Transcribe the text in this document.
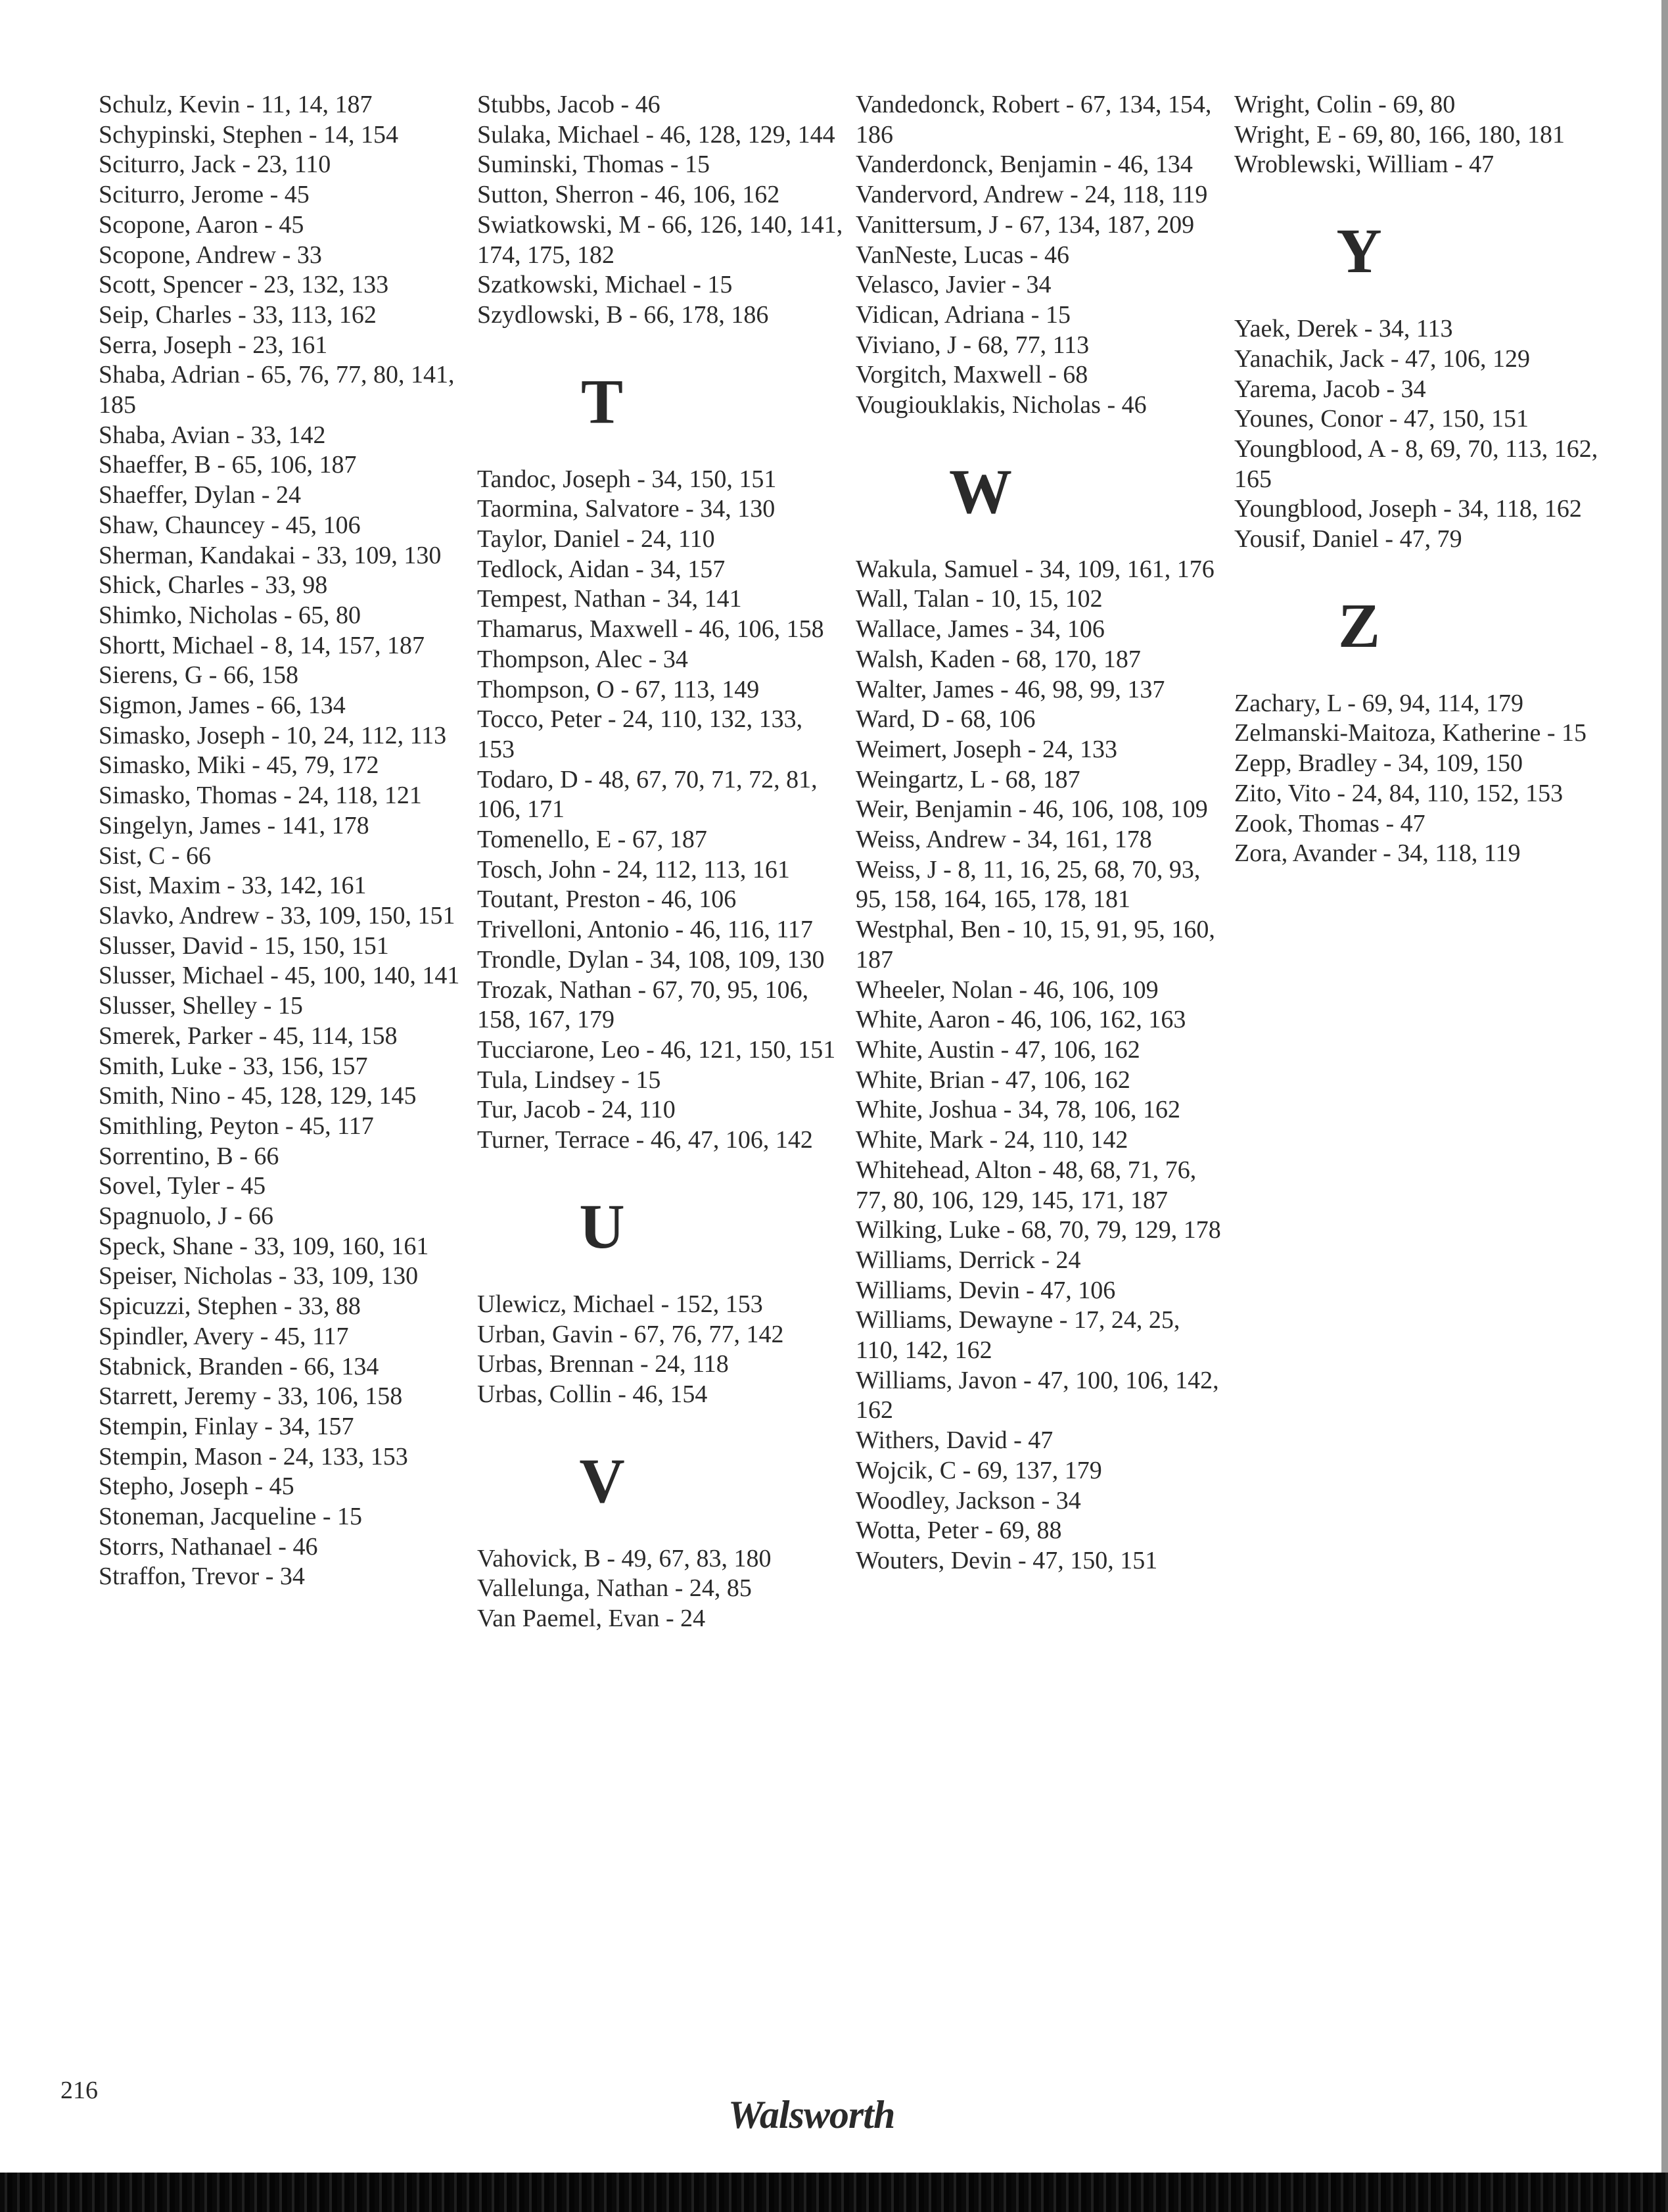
Schulz, Kevin - 11, 14, 187

Schypinski, Stephen - 14, 154

Sciturro, Jack - 23, 110

Sciturro, Jerome - 45

Scopone, Aaron - 45

Scopone, Andrew - 33

Scott, Spencer - 23, 132, 133

Seip, Charles - 33, 113, 162

Serra, Joseph - 23, 161

Shaba, Adrian - 65, 76, 77, 80, 141, 185

Shaba, Avian - 33, 142

Shaeffer, B - 65, 106, 187

Shaeffer, Dylan - 24

Shaw, Chauncey - 45, 106

Sherman, Kandakai - 33, 109, 130

Shick, Charles - 33, 98

Shimko, Nicholas - 65, 80

Shortt, Michael - 8, 14, 157, 187

Sierens, G - 66, 158

Sigmon, James - 66, 134

Simasko, Joseph - 10, 24, 112, 113

Simasko, Miki - 45, 79, 172

Simasko, Thomas - 24, 118, 121

Singelyn, James - 141, 178

Sist, C - 66

Sist, Maxim - 33, 142, 161

Slavko, Andrew - 33, 109, 150, 151

Slusser, David - 15, 150, 151

Slusser, Michael - 45, 100, 140, 141

Slusser, Shelley - 15

Smerek, Parker - 45, 114, 158

Smith, Luke - 33, 156, 157

Smith, Nino - 45, 128, 129, 145

Smithling, Peyton - 45, 117

Sorrentino, B - 66

Sovel, Tyler - 45

Spagnuolo, J - 66

Speck, Shane - 33, 109, 160, 161

Speiser, Nicholas - 33, 109, 130

Spicuzzi, Stephen - 33, 88

Spindler, Avery - 45, 117

Stabnick, Branden - 66, 134

Starrett, Jeremy - 33, 106, 158

Stempin, Finlay - 34, 157

Stempin, Mason - 24, 133, 153

Stepho, Joseph - 45

Stoneman, Jacqueline - 15

Storrs, Nathanael - 46

Straffon, Trevor - 34

Stubbs, Jacob - 46

Sulaka, Michael - 46, 128, 129, 144

Suminski, Thomas - 15

Sutton, Sherron - 46, 106, 162

Swiatkowski, M - 66, 126, 140, 141, 174, 175, 182

Szatkowski, Michael - 15

Szydlowski, B - 66, 178, 186

T

Tandoc, Joseph - 34, 150, 151

Taormina, Salvatore - 34, 130

Taylor, Daniel - 24, 110

Tedlock, Aidan - 34, 157

Tempest, Nathan - 34, 141

Thamarus, Maxwell - 46, 106, 158

Thompson, Alec - 34

Thompson, O - 67, 113, 149

Tocco, Peter - 24, 110, 132, 133, 153

Todaro, D - 48, 67, 70, 71, 72, 81, 106, 171

Tomenello, E - 67, 187

Tosch, John - 24, 112, 113, 161

Toutant, Preston - 46, 106

Trivelloni, Antonio - 46, 116, 117

Trondle, Dylan - 34, 108, 109, 130

Trozak, Nathan - 67, 70, 95, 106, 158, 167, 179

Tucciarone, Leo - 46, 121, 150, 151

Tula, Lindsey - 15

Tur, Jacob - 24, 110

Turner, Terrace - 46, 47, 106, 142

U

Ulewicz, Michael - 152, 153

Urban, Gavin - 67, 76, 77, 142

Urbas, Brennan - 24, 118

Urbas, Collin - 46, 154

V

Vahovick, B - 49, 67, 83, 180

Vallelunga, Nathan - 24, 85

Van Paemel, Evan - 24

Vandedonck, Robert - 67, 134, 154, 186

Vanderdonck, Benjamin - 46, 134

Vandervord, Andrew - 24, 118, 119

Vanittersum, J - 67, 134, 187, 209

VanNeste, Lucas - 46

Velasco, Javier - 34

Vidican, Adriana - 15

Viviano, J - 68, 77, 113

Vorgitch, Maxwell - 68

Vougiouklakis, Nicholas - 46

W

Wakula, Samuel - 34, 109, 161, 176

Wall, Talan - 10, 15, 102

Wallace, James - 34, 106

Walsh, Kaden - 68, 170, 187

Walter, James - 46, 98, 99, 137

Ward, D - 68, 106

Weimert, Joseph - 24, 133

Weingartz, L - 68, 187

Weir, Benjamin - 46, 106, 108, 109

Weiss, Andrew - 34, 161, 178

Weiss, J - 8, 11, 16, 25, 68, 70, 93, 95, 158, 164, 165, 178, 181

Westphal, Ben - 10, 15, 91, 95, 160, 187

Wheeler, Nolan - 46, 106, 109

White, Aaron - 46, 106, 162, 163

White, Austin - 47, 106, 162

White, Brian - 47, 106, 162

White, Joshua - 34, 78, 106, 162

White, Mark - 24, 110, 142

Whitehead, Alton - 48, 68, 71, 76, 77, 80, 106, 129, 145, 171, 187

Wilking, Luke - 68, 70, 79, 129, 178

Williams, Derrick - 24

Williams, Devin - 47, 106

Williams, Dewayne - 17, 24, 25, 110, 142, 162

Williams, Javon - 47, 100, 106, 142, 162

Withers, David - 47

Wojcik, C - 69, 137, 179

Woodley, Jackson - 34

Wotta, Peter - 69, 88

Wouters, Devin - 47, 150, 151

Wright, Colin - 69, 80

Wright, E - 69, 80, 166, 180, 181

Wroblewski, William - 47

Y

Yaek, Derek - 34, 113

Yanachik, Jack - 47, 106, 129

Yarema, Jacob - 34

Younes, Conor - 47, 150, 151

Youngblood, A - 8, 69, 70, 113, 162, 165

Youngblood, Joseph - 34, 118, 162

Yousif, Daniel - 47, 79

Z

Zachary, L - 69, 94, 114, 179

Zelmanski-Maitoza, Katherine - 15

Zepp, Bradley - 34, 109, 150

Zito, Vito - 24, 84, 110, 152, 153

Zook, Thomas - 47

Zora, Avander - 34, 118, 119

216
Walsworth
